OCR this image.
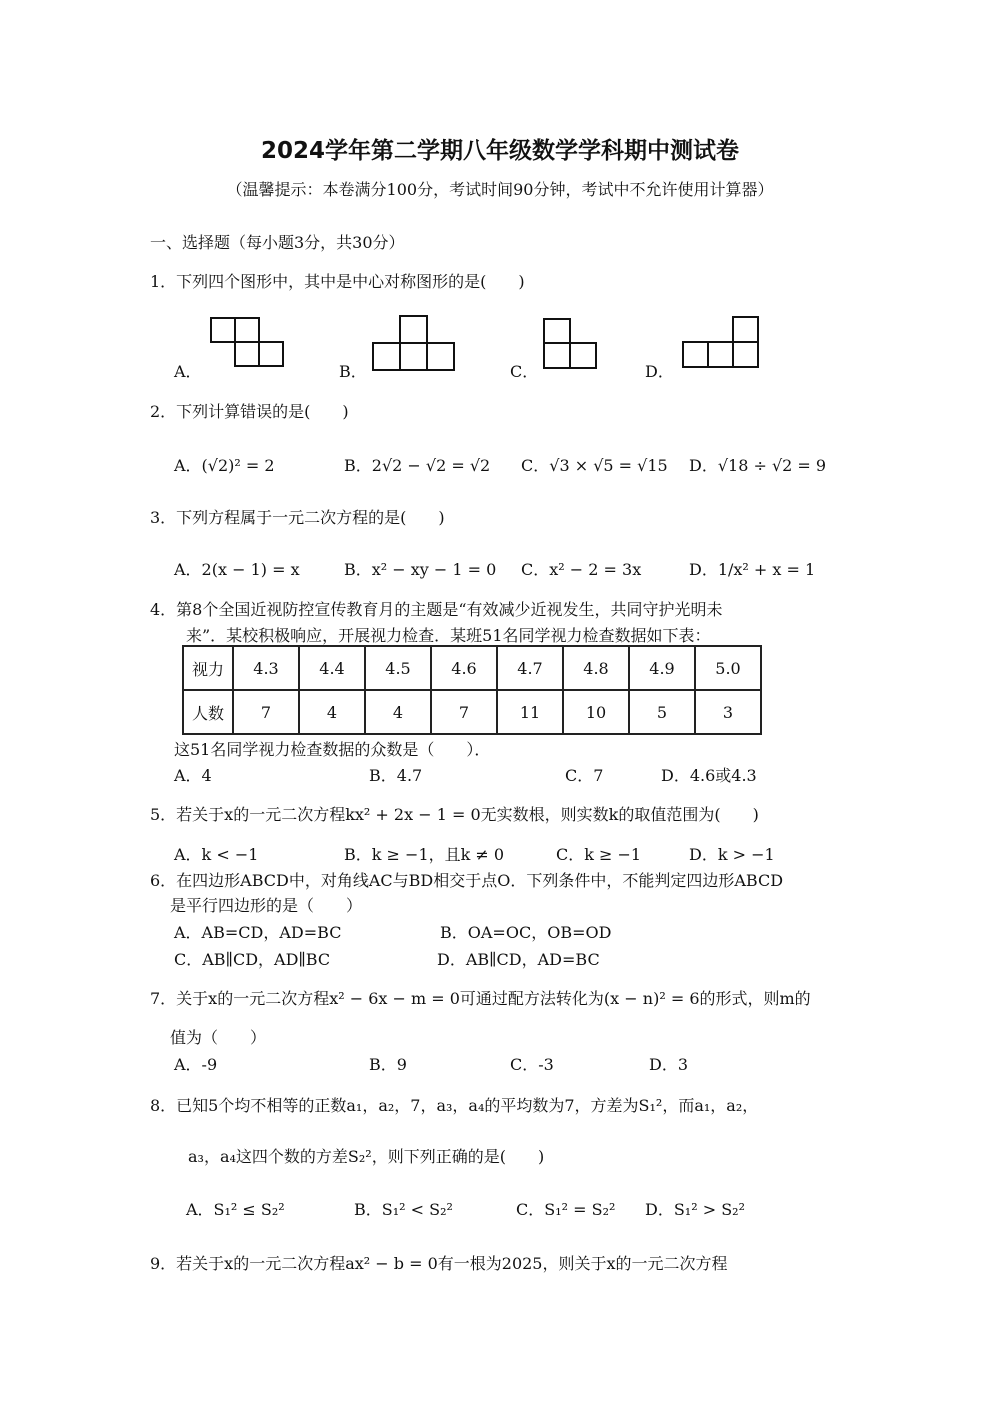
2024学年第二学期八年级数学学科期中测试卷
（温馨提示：本卷满分100分，考试时间90分钟，考试中不允许使用计算器）
一、选择题（每小题3分，共30分）
1．下列四个图形中，其中是中心对称图形的是(　　)
A．	B．	C．	D．
2．下列计算错误的是(　　)
A．(√2)² = 2	B．2√2 − √2 = √2 C．√3 × √5 = √15 D．√18 ÷ √2 = 9
3．下列方程属于一元二次方程的是(　　)
A．2(x − 1) = x	B．x² − xy − 1 = 0 C．x² − 2 = 3x	D．1/x² + x = 1
4．第8个全国近视防控宣传教育月的主题是“有效减少近视发生，共同守护光明未
来”．某校积极响应，开展视力检查．某班51名同学视力检查数据如下表：
视力	4.3	4.4	4.5	4.6	4.7	4.8	4.9	5.0
人数	7	4	4	7	11	10	5	3
这51名同学视力检查数据的众数是（　　）．
A．4	B．4.7	C．7	D．4.6或4.3
5．若关于x的一元二次方程kx² + 2x − 1 = 0无实数根，则实数k的取值范围为(　　)
A．k < −1	B．k ≥ −1，且k ≠ 0	C．k ≥ −1	D．k > −1
6．在四边形ABCD中，对角线AC与BD相交于点O．下列条件中，不能判定四边形ABCD
是平行四边形的是（　　）
A．AB=CD，AD=BC	B．OA=OC，OB=OD
C．AB∥CD，AD∥BC	D．AB∥CD，AD=BC
7．关于x的一元二次方程x² − 6x − m = 0可通过配方法转化为(x − n)² = 6的形式，则m的
值为（　　）
A．-9	B．9	C．-3	D．3
8．已知5个均不相等的正数a₁，a₂，7，a₃，a₄的平均数为7，方差为S₁²，而a₁，a₂，
a₃，a₄这四个数的方差S₂²，则下列正确的是(　　)
A．S₁² ≤ S₂²	B．S₁² < S₂²	C．S₁² = S₂² D．S₁² > S₂²
9．若关于x的一元二次方程ax² − b = 0有一根为2025，则关于x的一元二次方程
